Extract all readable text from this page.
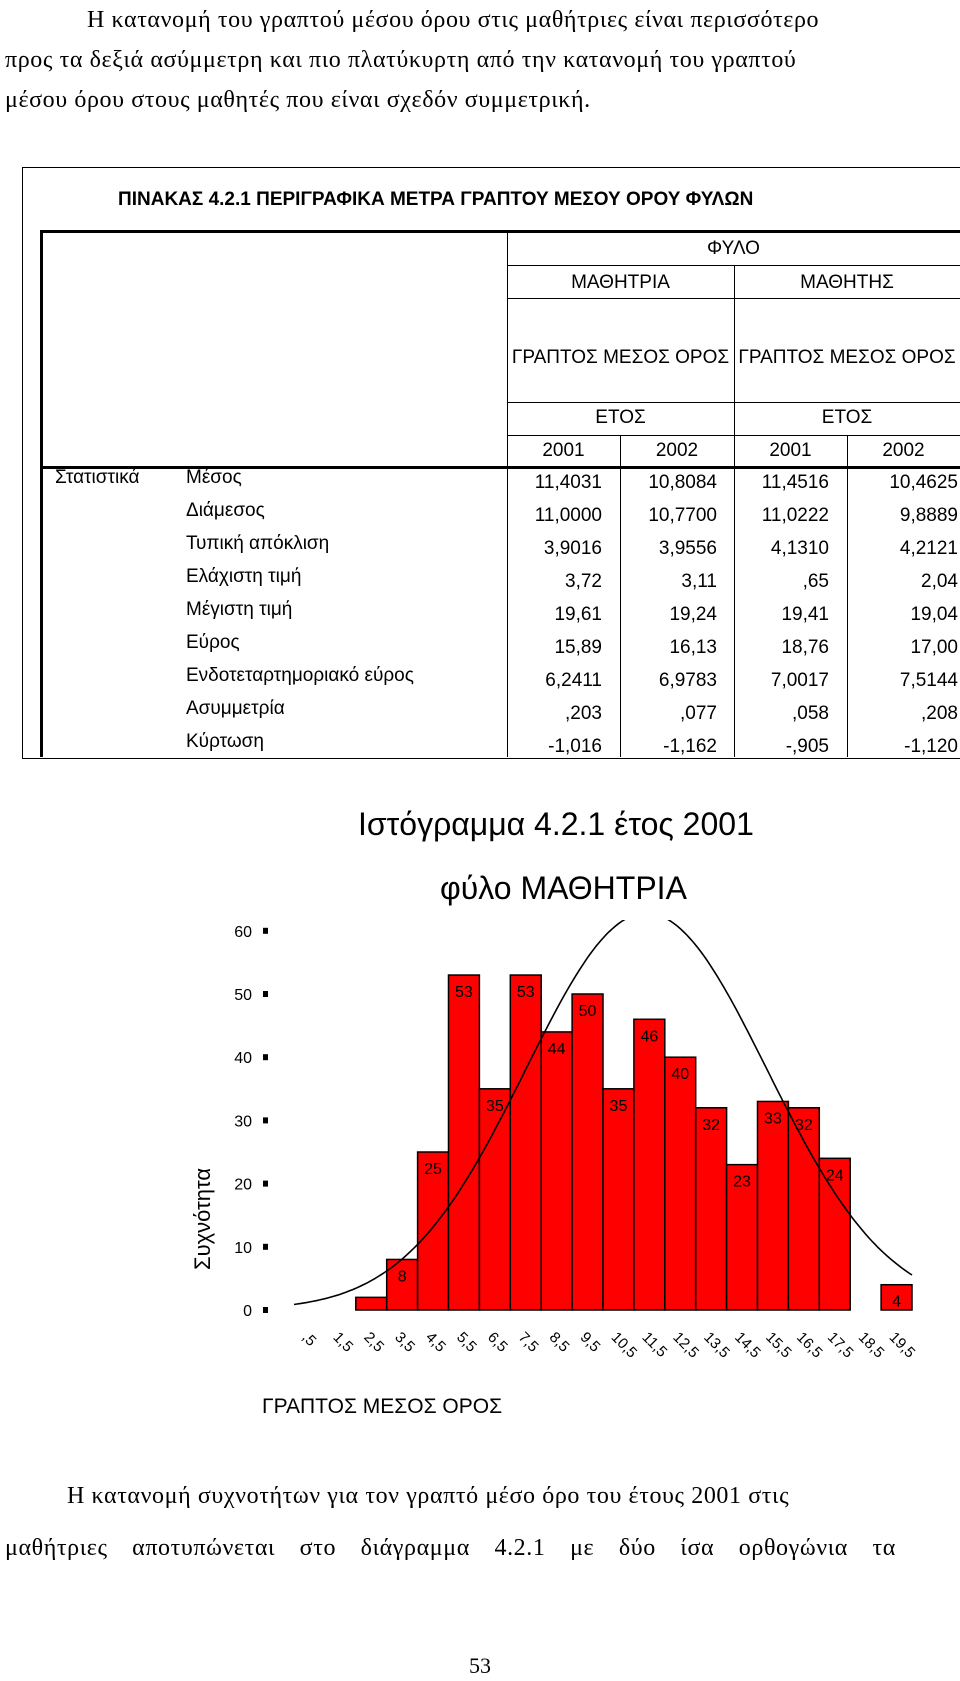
Η κατανομή του γραπτού μέσου όρου στις μαθήτριες είναι περισσότερο

προς τα δεξιά ασύμμετρη και πιο πλατύκυρτη από την κατανομή του γραπτού

μέσου όρου στους μαθητές που είναι σχεδόν συμμετρική.

ΠΙΝΑΚΑΣ 4.2.1 ΠΕΡΙΓΡΑΦΙΚΑ ΜΕΤΡΑ ΓΡΑΠΤΟΥ ΜΕΣΟΥ ΟΡΟΥ ΦΥΛΩΝ
ΦΥΛΟ
ΜΑΘΗΤΡΙΑ	ΜΑΘΗΤΗΣ
ΓΡΑΠΤΟΣ ΜΕΣΟΣ ΟΡΟΣ ΓΡΑΠΤΟΣ ΜΕΣΟΣ ΟΡΟΣ
ΕΤΟΣ	ΕΤΟΣ
2001	2002	2001	2002
Στατιστικά Μέσος	11,4031	10,8084	11,4516	10,4625
Διάμεσος	11,0000	10,7700	11,0222	9,8889
Τυπική απόκλιση	3,9016	3,9556	4,1310	4,2121
Ελάχιστη τιμή	3,72	3,11	,65	2,04
Μέγιστη τιμή	19,61	19,24	19,41	19,04
Εύρος	15,89	16,13	18,76	17,00
Ενδοτεταρτημοριακό εύρος	6,2411	6,9783	7,0017	7,5144
Ασυμμετρία	,203	,077	,058	,208
Κύρτωση	-1,016	-1,162	-,905	-1,120
Ιστόγραμμα 4.2.1 έτος 2001
φύλο ΜΑΘΗΤΡΙΑ
0
10
20
30
40
50
60
8
25
53
35
53
44
50
35
46
40
32
23
33 32
24
4
,5 1,5 2,5 3,5 4,5 5,5 6,5 7,5 8,5 9,5 10,5
11,5 12,5
13,5
14,5
15,5
16,5
17,5
18,5
19,5
Συχνότητα
ΓΡΑΠΤΟΣ ΜΕΣΟΣ ΟΡΟΣ

Η κατανομή συχνοτήτων για τον γραπτό μέσο όρο του έτους 2001 στις

μαθήτριες αποτυπώνεται στο διάγραμμα 4.2.1 με δύο ίσα ορθογώνια τα

53
